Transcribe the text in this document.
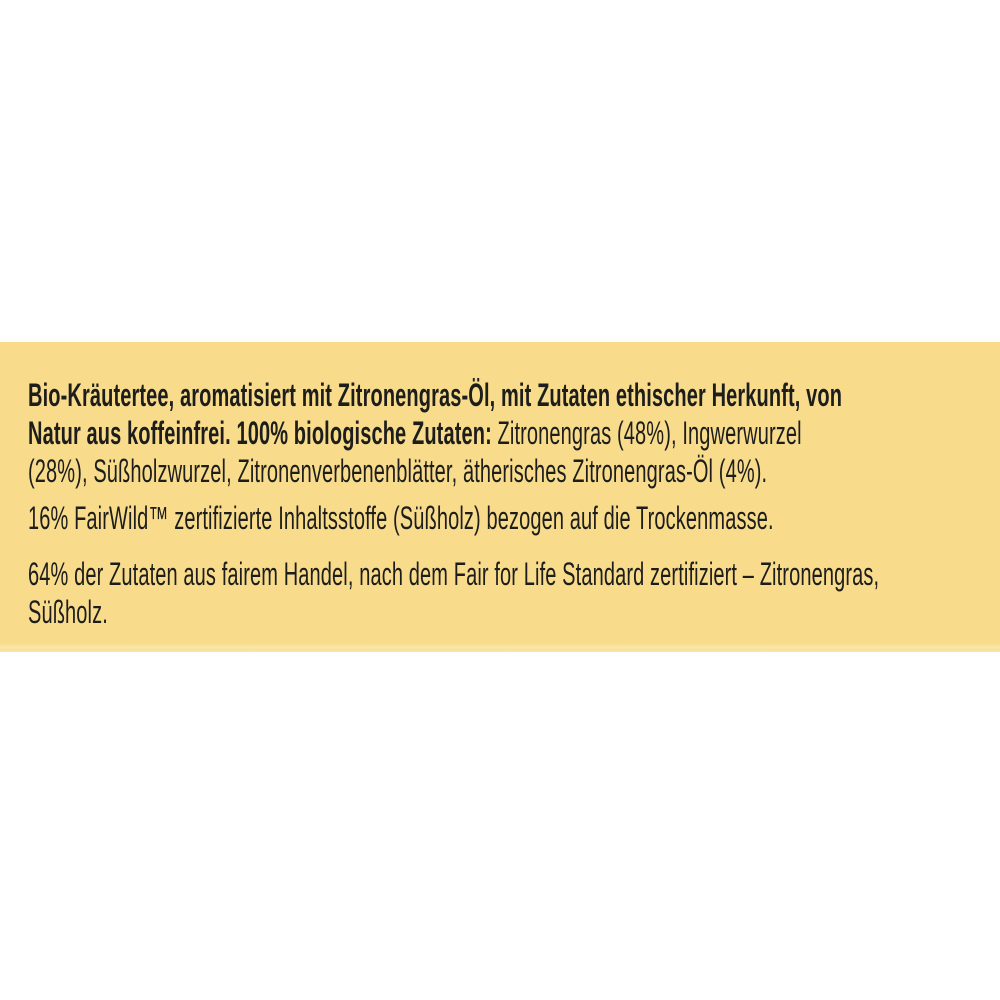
Bio-Kräutertee, aromatisiert mit Zitronengras-Öl, mit Zutaten ethischer Herkunft, von
Natur aus koffeinfrei. 100% biologische Zutaten: Zitronengras (48%), Ingwerwurzel
(28%), Süßholzwurzel, Zitronenverbenenblätter, ätherisches Zitronengras-Öl (4%).
16% FairWild™ zertifizierte Inhaltsstoffe (Süßholz) bezogen auf die Trockenmasse.
64% der Zutaten aus fairem Handel, nach dem Fair for Life Standard zertifiziert – Zitronengras,
Süßholz.
